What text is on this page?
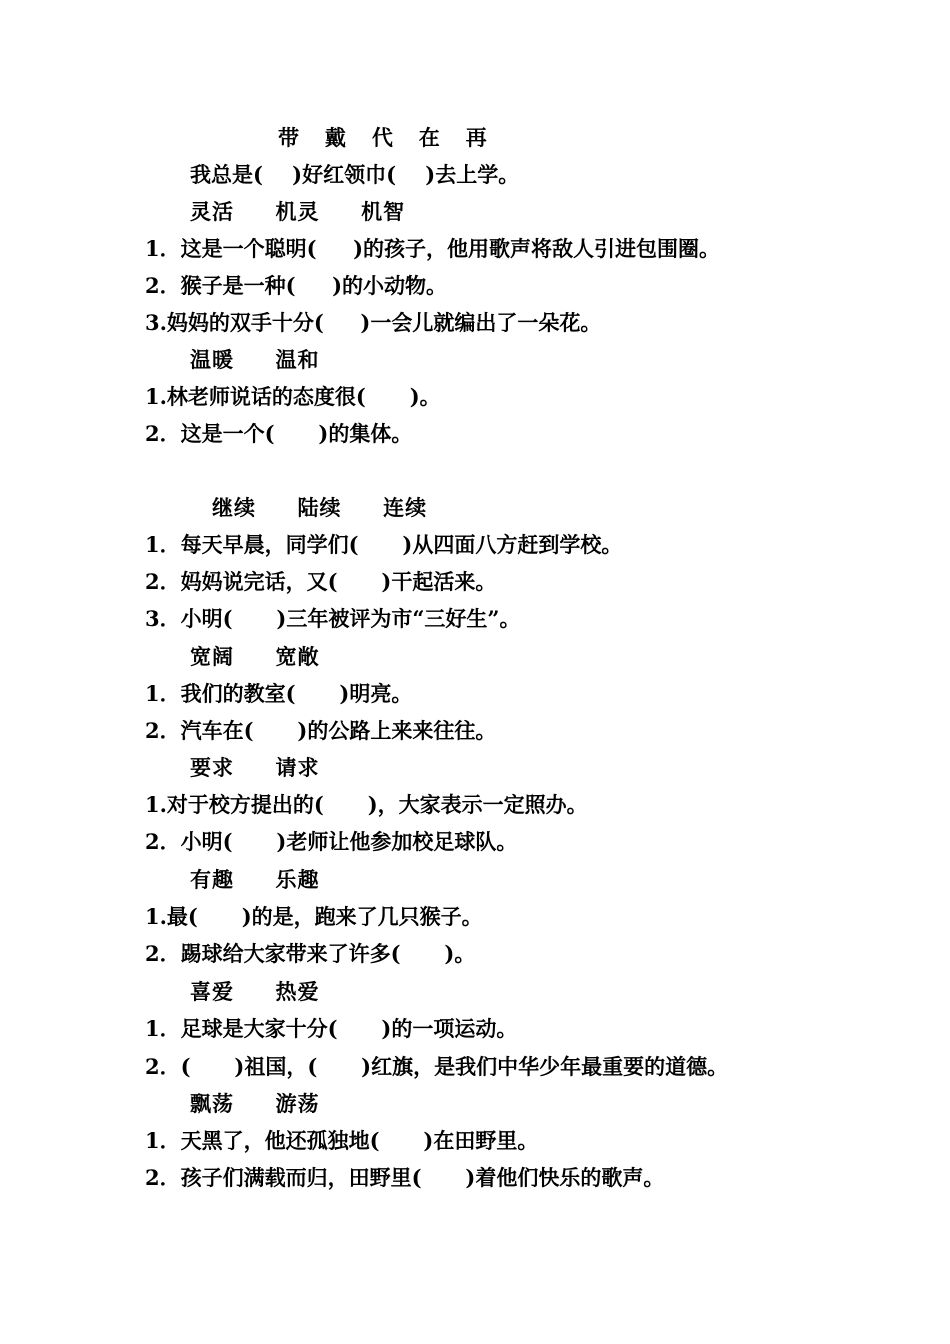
带   戴   代   在   再
我总是(    )好红领巾(    )去上学。
灵活     机灵     机智
1．这是一个聪明(     )的孩子，他用歌声将敌人引进包围圈。
2．猴子是一种(     )的小动物。
3.妈妈的双手十分(     )一会儿就编出了一朵花。
温暖     温和
1.林老师说话的态度很(      )。
2．这是一个(      )的集体。
继续     陆续     连续
1．每天早晨，同学们(      )从四面八方赶到学校。
2．妈妈说完话，又(      )干起活来。
3．小明(      )三年被评为市“三好生”。
宽阔     宽敞
1．我们的教室(      )明亮。
2．汽车在(      )的公路上来来往往。
要求     请求
1.对于校方提出的(      )，大家表示一定照办。
2．小明(      )老师让他参加校足球队。
有趣     乐趣
1.最(      )的是，跑来了几只猴子。
2．踢球给大家带来了许多(      )。
喜爱     热爱
1．足球是大家十分(      )的一项运动。
2．(      )祖国，(      )红旗，是我们中华少年最重要的道德。
飘荡     游荡
1．天黑了，他还孤独地(      )在田野里。
2．孩子们满载而归，田野里(      )着他们快乐的歌声。
